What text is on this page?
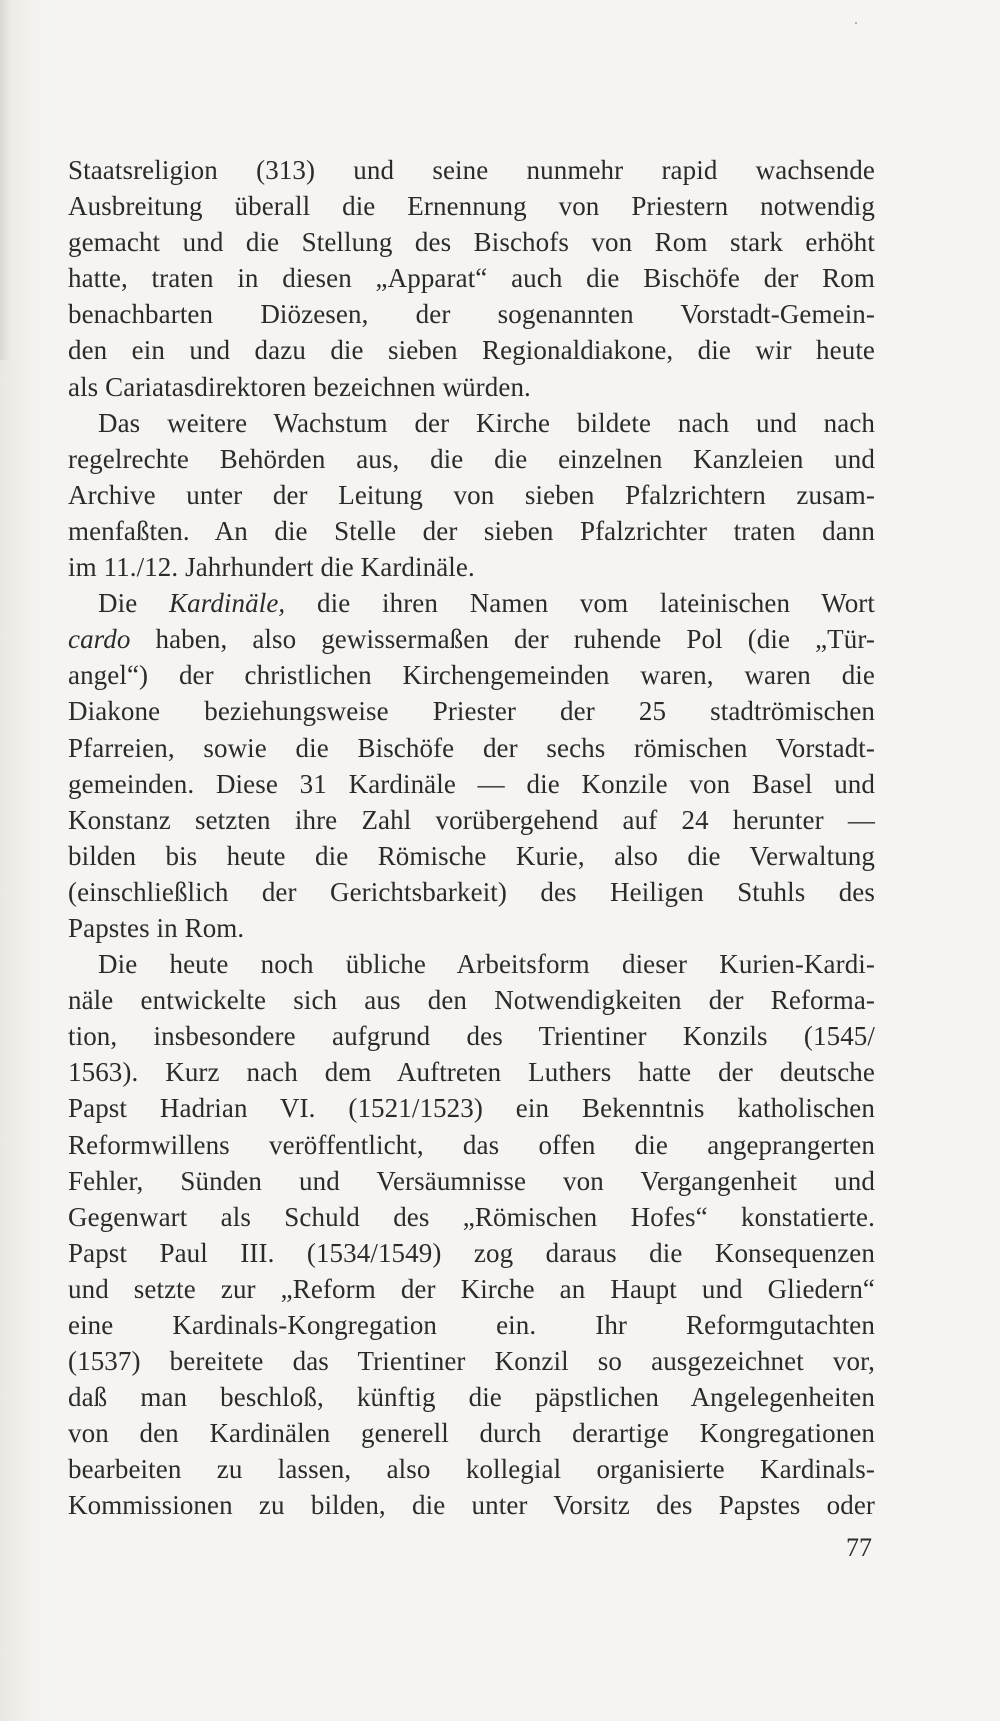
Staatsreligion (313) und seine nunmehr rapid wachsende
Ausbreitung überall die Ernennung von Priestern notwendig
gemacht und die Stellung des Bischofs von Rom stark erhöht
hatte, traten in diesen „Apparat“ auch die Bischöfe der Rom
benachbarten Diözesen, der sogenannten Vorstadt-Gemein-
den ein und dazu die sieben Regionaldiakone, die wir heute
als Cariatasdirektoren bezeichnen würden.
Das weitere Wachstum der Kirche bildete nach und nach
regelrechte Behörden aus, die die einzelnen Kanzleien und
Archive unter der Leitung von sieben Pfalzrichtern zusam-
menfaßten. An die Stelle der sieben Pfalzrichter traten dann
im 11./12. Jahrhundert die Kardinäle.
Die Kardinäle, die ihren Namen vom lateinischen Wort
cardo haben, also gewissermaßen der ruhende Pol (die „Tür-
angel“) der christlichen Kirchengemeinden waren, waren die
Diakone beziehungsweise Priester der 25 stadtrömischen
Pfarreien, sowie die Bischöfe der sechs römischen Vorstadt-
gemeinden. Diese 31 Kardinäle — die Konzile von Basel und
Konstanz setzten ihre Zahl vorübergehend auf 24 herunter —
bilden bis heute die Römische Kurie, also die Verwaltung
(einschließlich der Gerichtsbarkeit) des Heiligen Stuhls des
Papstes in Rom.
Die heute noch übliche Arbeitsform dieser Kurien-Kardi-
näle entwickelte sich aus den Notwendigkeiten der Reforma-
tion, insbesondere aufgrund des Trientiner Konzils (1545/
1563). Kurz nach dem Auftreten Luthers hatte der deutsche
Papst Hadrian VI. (1521/1523) ein Bekenntnis katholischen
Reformwillens veröffentlicht, das offen die angeprangerten
Fehler, Sünden und Versäumnisse von Vergangenheit und
Gegenwart als Schuld des „Römischen Hofes“ konstatierte.
Papst Paul III. (1534/1549) zog daraus die Konsequenzen
und setzte zur „Reform der Kirche an Haupt und Gliedern“
eine Kardinals-Kongregation ein. Ihr Reformgutachten
(1537) bereitete das Trientiner Konzil so ausgezeichnet vor,
daß man beschloß, künftig die päpstlichen Angelegenheiten
von den Kardinälen generell durch derartige Kongregationen
bearbeiten zu lassen, also kollegial organisierte Kardinals-
Kommissionen zu bilden, die unter Vorsitz des Papstes oder
77
